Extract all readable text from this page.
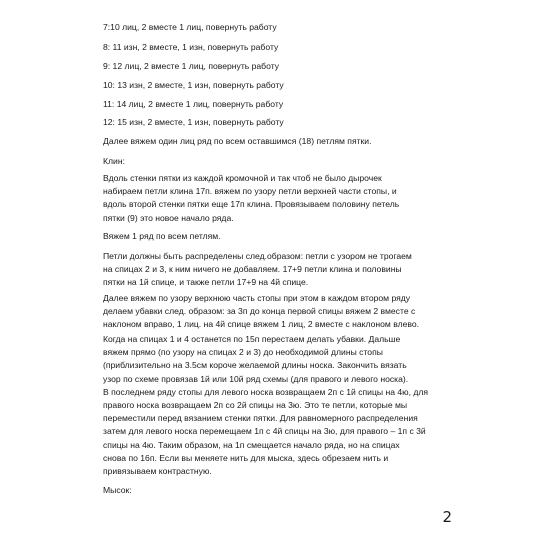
7:10 лиц, 2 вместе 1 лиц, повернуть работу
8: 11 изн, 2 вместе, 1 изн, повернуть работу
9: 12 лиц, 2 вместе 1 лиц, повернуть работу
10: 13 изн, 2 вместе, 1 изн, повернуть работу
11: 14 лиц, 2 вместе 1 лиц, повернуть работу
12: 15 изн, 2 вместе, 1 изн, повернуть работу
Далее вяжем один лиц ряд по всем оставшимся (18) петлям пятки.
Клин:
Вдоль стенки пятки из каждой кромочной и так чтоб не было дырочек
набираем петли клина 17п. вяжем по узору петли верхней части стопы, и
вдоль второй стенки пятки еще 17п клина. Провязываем половину петель
пятки (9) это новое начало ряда.
Вяжем 1 ряд по всем петлям.
Петли должны быть распределены след.образом: петли с узором не трогаем
на спицах 2 и 3, к ним ничего не добавляем. 17+9 петли клина и половины
пятки на 1й спице, и также петли 17+9 на 4й спице.
Далее вяжем по узору верхнюю часть стопы при этом в каждом втором ряду
делаем убавки след. образом: за 3п до конца первой спицы вяжем 2 вместе с
наклоном вправо, 1 лиц. на 4й спице вяжем 1 лиц, 2 вместе с наклоном влево.
Когда на спицах 1 и 4 останется по 15п перестаем делать убавки. Дальше
вяжем прямо (по узору на спицах 2 и 3) до необходимой длины стопы
(приблизительно на 3.5см короче желаемой длины носка. Закончить вязать
узор по схеме провязав 1й или 10й ряд схемы (для правого и левого носка).
В последнем ряду стопы для левого носка возвращаем 2п с 1й спицы на 4ю, для
правого носка возвращаем 2п со 2й спицы на 3ю. Это те петли, которые мы
переместили перед вязанием стенки пятки. Для равномерного распределения
затем для левого носка перемещаем 1п с 4й спицы на 3ю, для правого – 1п с 3й
спицы на 4ю. Таким образом, на 1п смещается начало ряда, но на спицах
снова по 16п. Если вы меняете нить для мыска, здесь обрезаем нить и
привязываем контрастную.
Мысок:
2
